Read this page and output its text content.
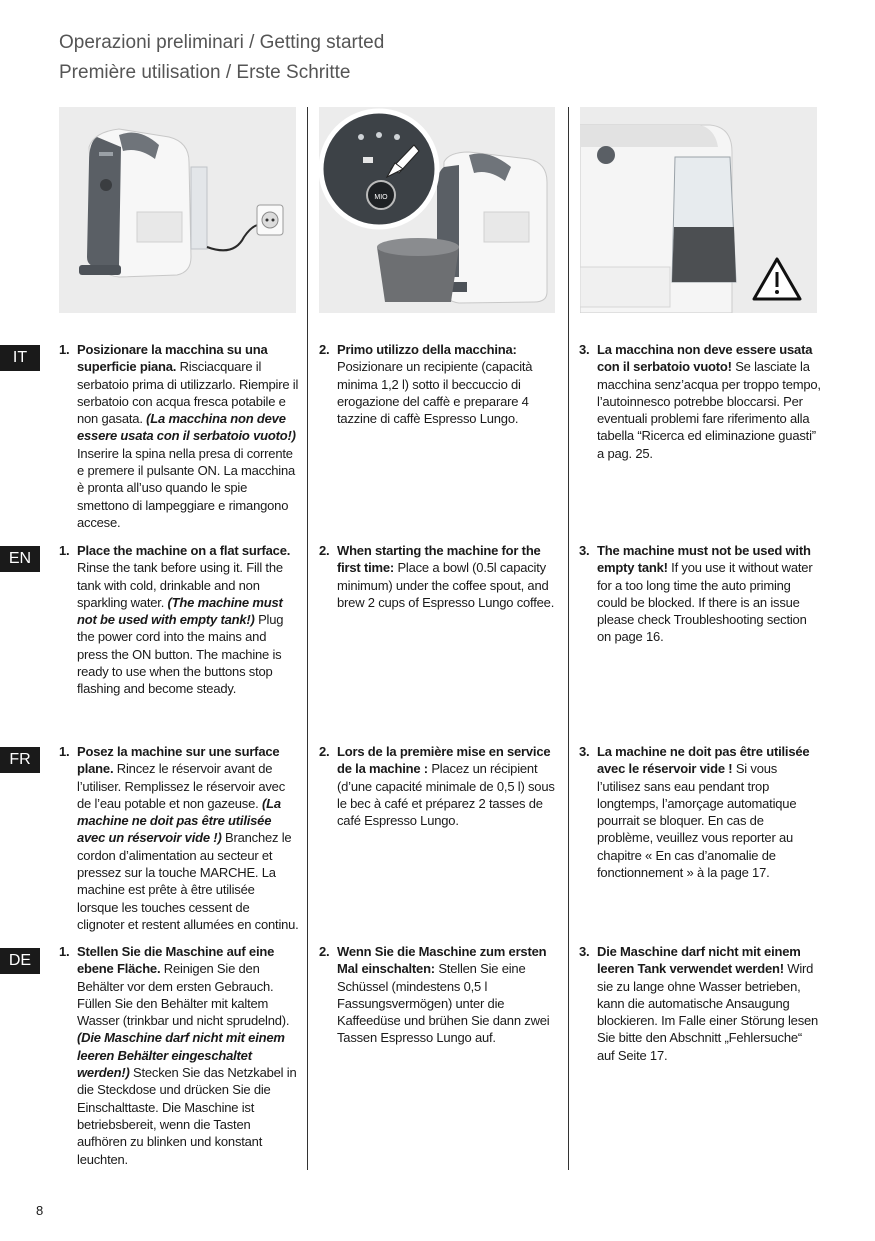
Operazioni preliminari / Getting started
Première utilisation / Erste Schritte
MIO
IT
EN
FR
DE
1. Posizionare la macchina su una superficie piana. Risciacquare il serbatoio prima di utilizzarlo. Riempire il serbatoio con acqua fresca potabile e non gasata. (La macchina non deve essere usata con il serbatoio vuoto!) Inserire la spina nella presa di corrente e premere il pulsante ON. La macchina è pronta all’uso quando le spie smettono di lampeggiare e rimangono accese.
2. Primo utilizzo della macchina: Posizionare un recipiente (capacità minima 1,2 l) sotto il beccuccio di erogazione del caffè e preparare 4 tazzine di caffè Espresso Lungo.
3. La macchina non deve essere usata con il serbatoio vuoto! Se lasciate la macchina senz’acqua per troppo tempo, l’autoinnesco potrebbe bloccarsi. Per eventuali problemi fare riferimento alla tabella “Ricerca ed eliminazione guasti” a pag. 25.
1. Place the machine on a flat surface. Rinse the tank before using it. Fill the tank with cold, drinkable and non sparkling water. (The machine must not be used with empty tank!) Plug the power cord into the mains and press the ON button. The machine is ready to use when the buttons stop flashing and become steady.
2. When starting the machine for the first time: Place a bowl (0.5l capacity minimum) under the coffee spout, and brew 2 cups of Espresso Lungo coffee.
3. The machine must not be used with empty tank! If you use it without water for a too long time the auto priming could be blocked. If there is an issue please check Troubleshooting section on page 16.
1. Posez la machine sur une surface plane. Rincez le réservoir avant de l’utiliser. Remplissez le réservoir avec de l’eau potable et non gazeuse. (La machine ne doit pas être utilisée avec un réservoir vide !) Branchez le cordon d’alimentation au secteur et pressez sur la touche MARCHE. La machine est prête à être utilisée lorsque les touches cessent de clignoter et restent allumées en continu.
2. Lors de la première mise en service de la machine : Placez un récipient (d’une capacité minimale de 0,5 l) sous le bec à café et préparez 2 tasses de café Espresso Lungo.
3. La machine ne doit pas être utilisée avec le réservoir vide ! Si vous l’utilisez sans eau pendant trop longtemps, l’amorçage automatique pourrait se bloquer. En cas de problème, veuillez vous reporter au chapitre « En cas d’anomalie de fonctionnement » à la page 17.
1. Stellen Sie die Maschine auf eine ebene Fläche. Reinigen Sie den Behälter vor dem ersten Gebrauch. Füllen Sie den Behälter mit kaltem Wasser (trinkbar und nicht sprudelnd). (Die Maschine darf nicht mit einem leeren Behälter eingeschaltet werden!) Stecken Sie das Netzkabel in die Steckdose und drücken Sie die Einschalttaste. Die Maschine ist betriebsbereit, wenn die Tasten aufhören zu blinken und konstant leuchten.
2. Wenn Sie die Maschine zum ersten Mal einschalten: Stellen Sie eine Schüssel (mindestens 0,5 l Fassungsvermögen) unter die Kaffeedüse und brühen Sie dann zwei Tassen Espresso Lungo auf.
3. Die Maschine darf nicht mit einem leeren Tank verwendet werden! Wird sie zu lange ohne Wasser betrieben, kann die automatische Ansaugung blockieren. Im Falle einer Störung lesen Sie bitte den Abschnitt „Fehlersuche“ auf Seite 17.
8
